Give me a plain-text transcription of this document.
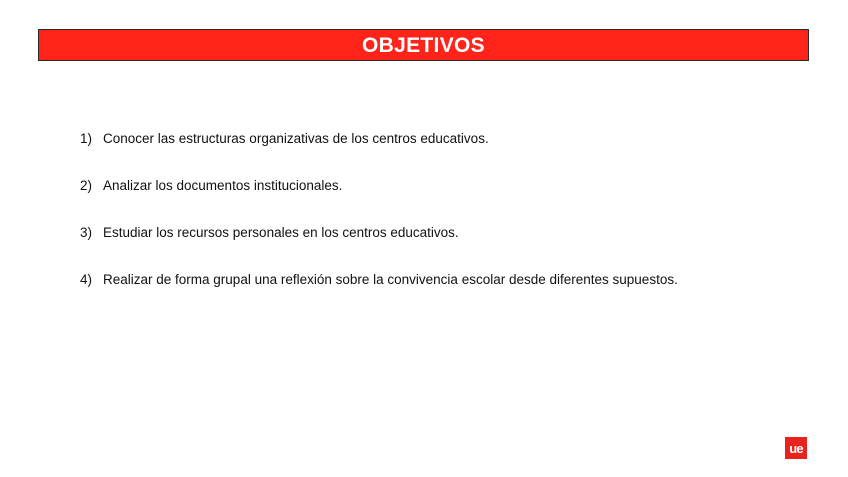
OBJETIVOS
1) Conocer las estructuras organizativas de los centros educativos.
2) Analizar los documentos institucionales.
3) Estudiar los recursos personales en los centros educativos.
4) Realizar de forma grupal una reflexión sobre la convivencia escolar desde diferentes supuestos.
ue
